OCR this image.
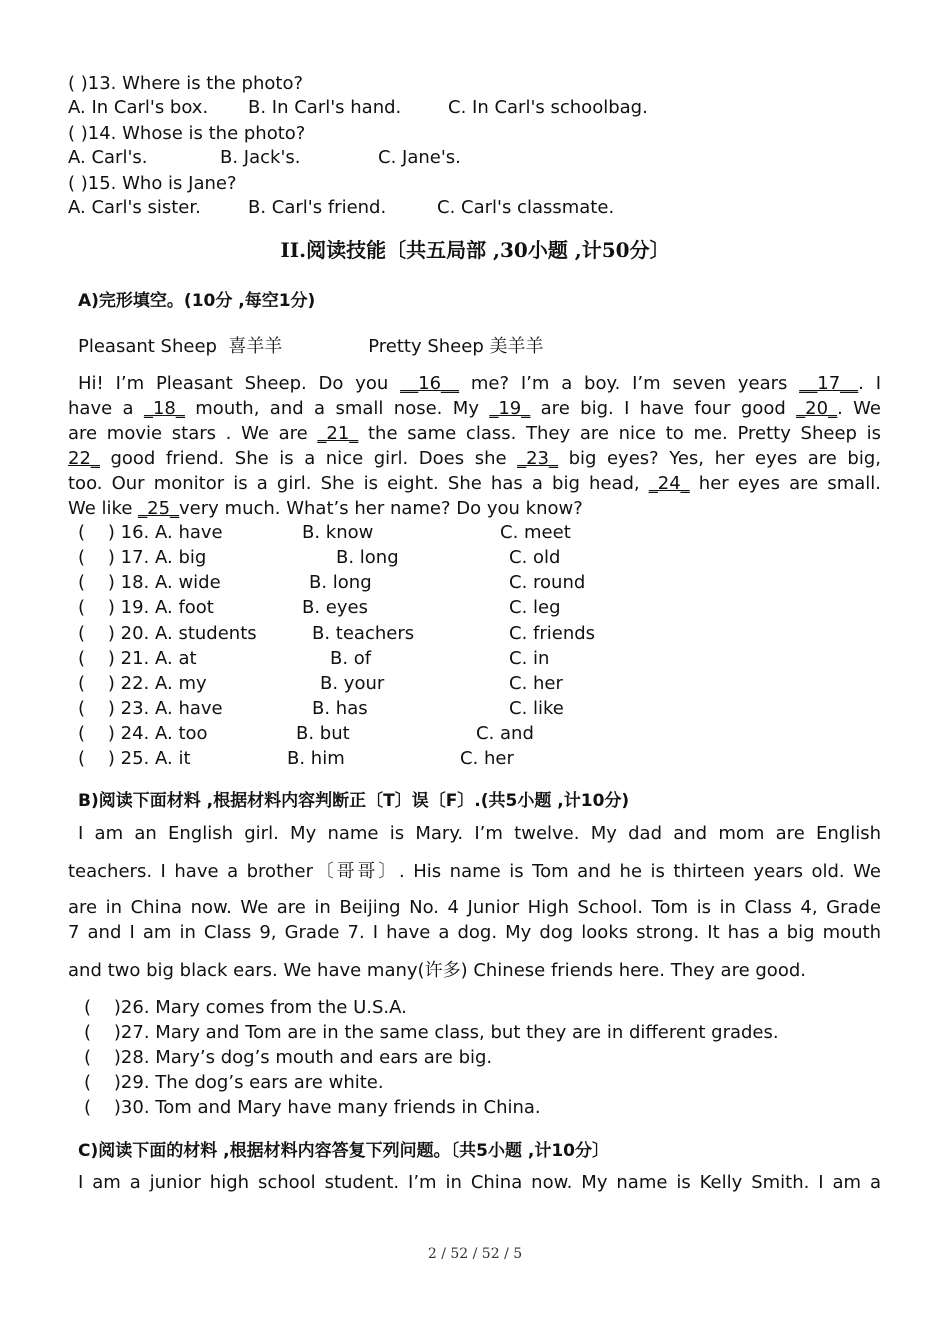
( )13. Where is the photo?
A. In Carl's box. B. In Carl's hand.	C. In Carl's schoolbag.
( )14. Whose is the photo?
A. Carl's.	B. Jack's.	C. Jane's.
( )15. Who is Jane?
A. Carl's sister.	B. Carl's friend.	C. Carl's classmate.
II.阅读技能〔共五局部 ,30小题 ,计50分〕
A)完形填空。(10分 ,每空1分)
Pleasant Sheep  喜羊羊               Pretty Sheep 美羊羊
Hi! I’m Pleasant Sheep. Do you __16__ me? I’m a boy. I’m seven years __17__. I
have a _18_ mouth, and a small nose. My _19_ are big. I have four good _20_. We
are movie stars . We are _21_ the same class. They are nice to me. Pretty Sheep is
22_ good friend. She is a nice girl. Does she _23_ big eyes? Yes, her eyes are big,
too. Our monitor is a girl. She is eight. She has a big head, _24_ her eyes are small.
We like _25_very much. What’s her name? Do you know?
(    ) 16. A. have	B. know	C. meet
(    ) 17. A. big	B. long	C. old
(    ) 18. A. wide	B. long	C. round
(    ) 19. A. foot	B. eyes	C. leg
(    ) 20. A. students	B. teachers	C. friends
(    ) 21. A. at	B. of	C. in
(    ) 22. A. my	B. your	C. her
(    ) 23. A. have	B. has	C. like
(    ) 24. A. too	B. but	C. and
(    ) 25. A. it	B. him	C. her
B)阅读下面材料 ,根据材料内容判断正〔T〕误〔F〕.(共5小题 ,计10分)
I am an English girl. My name is Mary. I’m twelve. My dad and mom are English
teachers. I have a brother〔哥哥〕. His name is Tom and he is thirteen years old. We
are in China now. We are in Beijing No. 4 Junior High School. Tom is in Class 4, Grade
7 and I am in Class 9, Grade 7. I have a dog. My dog looks strong. It has a big mouth
and two big black ears. We have many(许多) Chinese friends here. They are good.
(    )26. Mary comes from the U.S.A.
(    )27. Mary and Tom are in the same class, but they are in different grades.
(    )28. Mary’s dog’s mouth and ears are big.
(    )29. The dog’s ears are white.
(    )30. Tom and Mary have many friends in China.
C)阅读下面的材料 ,根据材料内容答复下列问题。〔共5小题 ,计10分〕
I am a junior high school student. I’m in China now. My name is Kelly Smith. I am a
2 / 52 / 52 / 5
